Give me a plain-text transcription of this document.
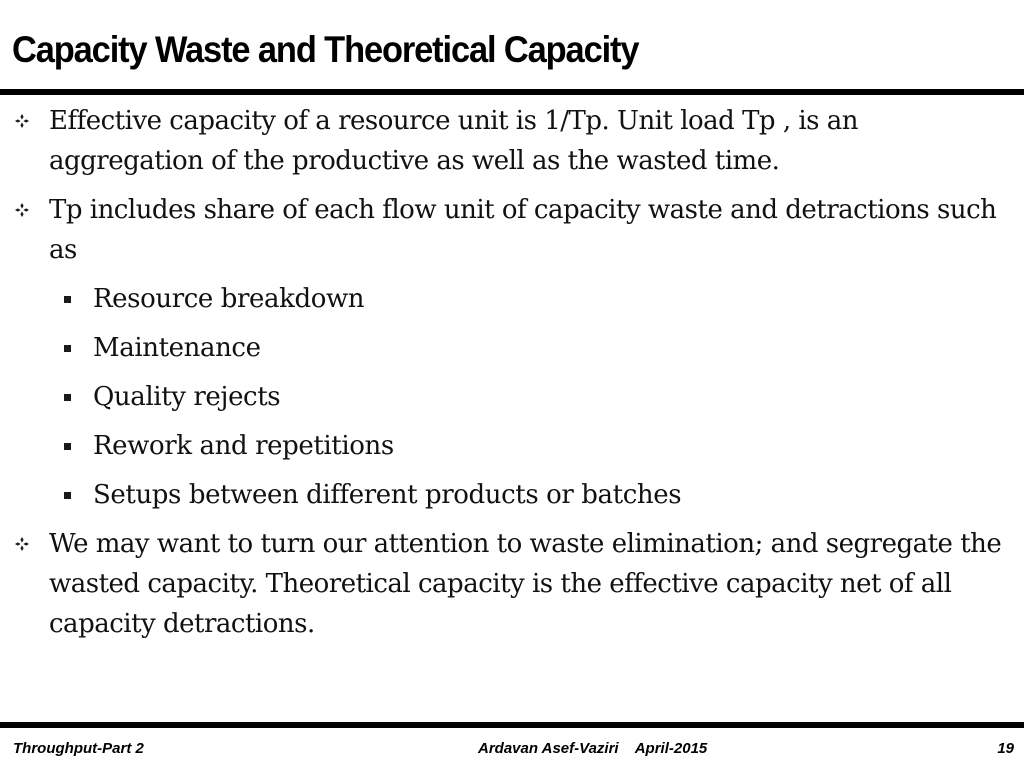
Capacity Waste and Theoretical Capacity
Effective capacity of a resource unit is 1/Tp. Unit load Tp , is an aggregation of the productive as well as the wasted time.
Tp includes share of each flow unit of capacity waste and detractions such as
Resource breakdown
Maintenance
Quality rejects
Rework and repetitions
Setups between different products or batches
We may want to turn our attention to waste elimination; and segregate the wasted capacity. Theoretical capacity is the effective capacity net of all capacity detractions.
Throughput-Part 2	Ardavan Asef-Vaziri    April-2015	19
